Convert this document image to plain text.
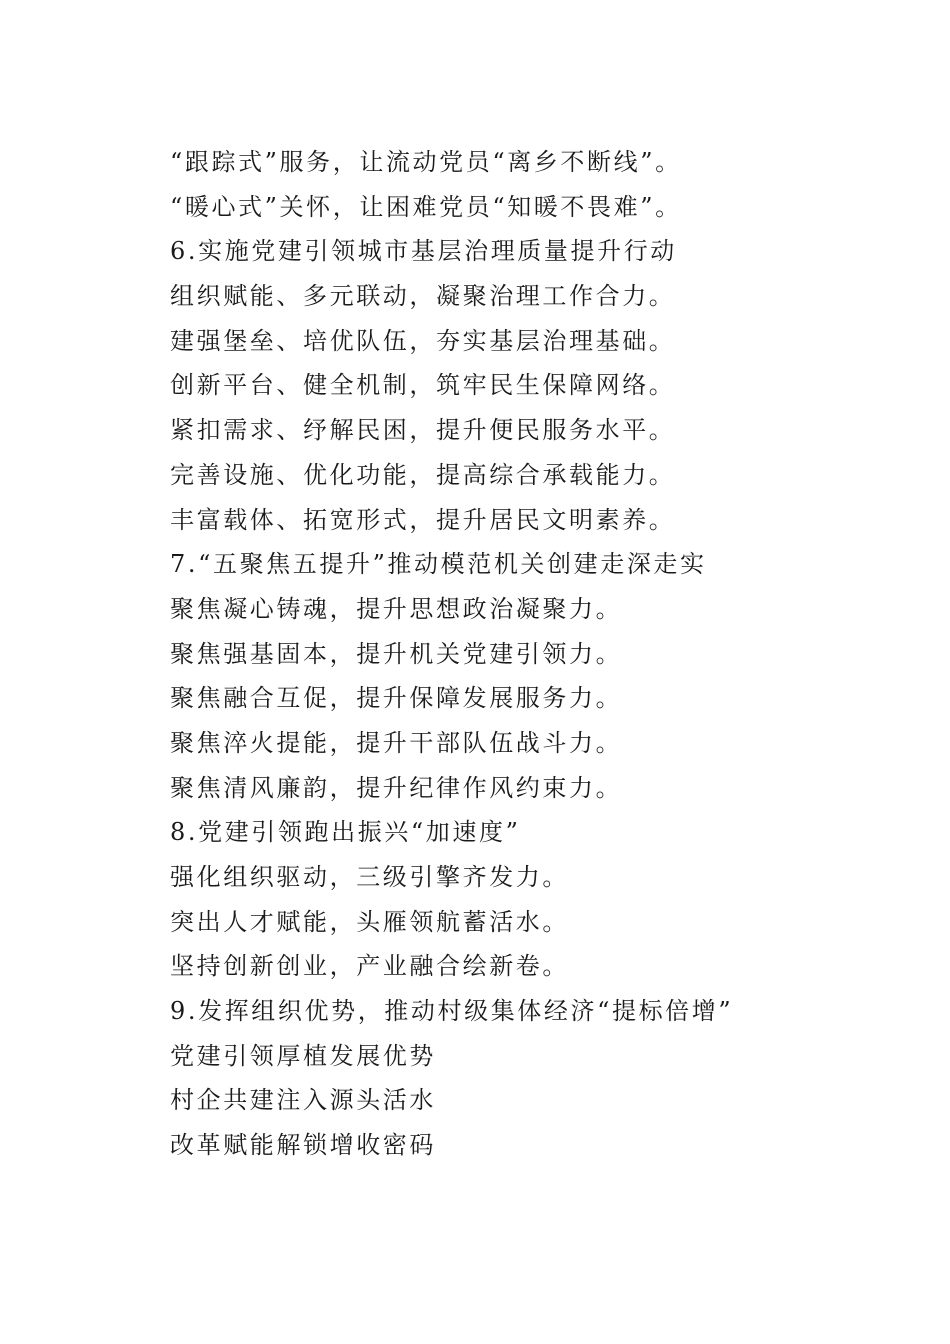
“跟踪式”服务，让流动党员“离乡不断线”。

“暖心式”关怀，让困难党员“知暖不畏难”。

6.实施党建引领城市基层治理质量提升行动

组织赋能、多元联动，凝聚治理工作合力。

建强堡垒、培优队伍，夯实基层治理基础。

创新平台、健全机制，筑牢民生保障网络。

紧扣需求、纾解民困，提升便民服务水平。

完善设施、优化功能，提高综合承载能力。

丰富载体、拓宽形式，提升居民文明素养。

7.“五聚焦五提升”推动模范机关创建走深走实

聚焦凝心铸魂，提升思想政治凝聚力。

聚焦强基固本，提升机关党建引领力。

聚焦融合互促，提升保障发展服务力。

聚焦淬火提能，提升干部队伍战斗力。

聚焦清风廉韵，提升纪律作风约束力。

8.党建引领跑出振兴“加速度”

强化组织驱动，三级引擎齐发力。

突出人才赋能，头雁领航蓄活水。

坚持创新创业，产业融合绘新卷。

9.发挥组织优势，推动村级集体经济“提标倍增”

党建引领厚植发展优势

村企共建注入源头活水

改革赋能解锁增收密码
